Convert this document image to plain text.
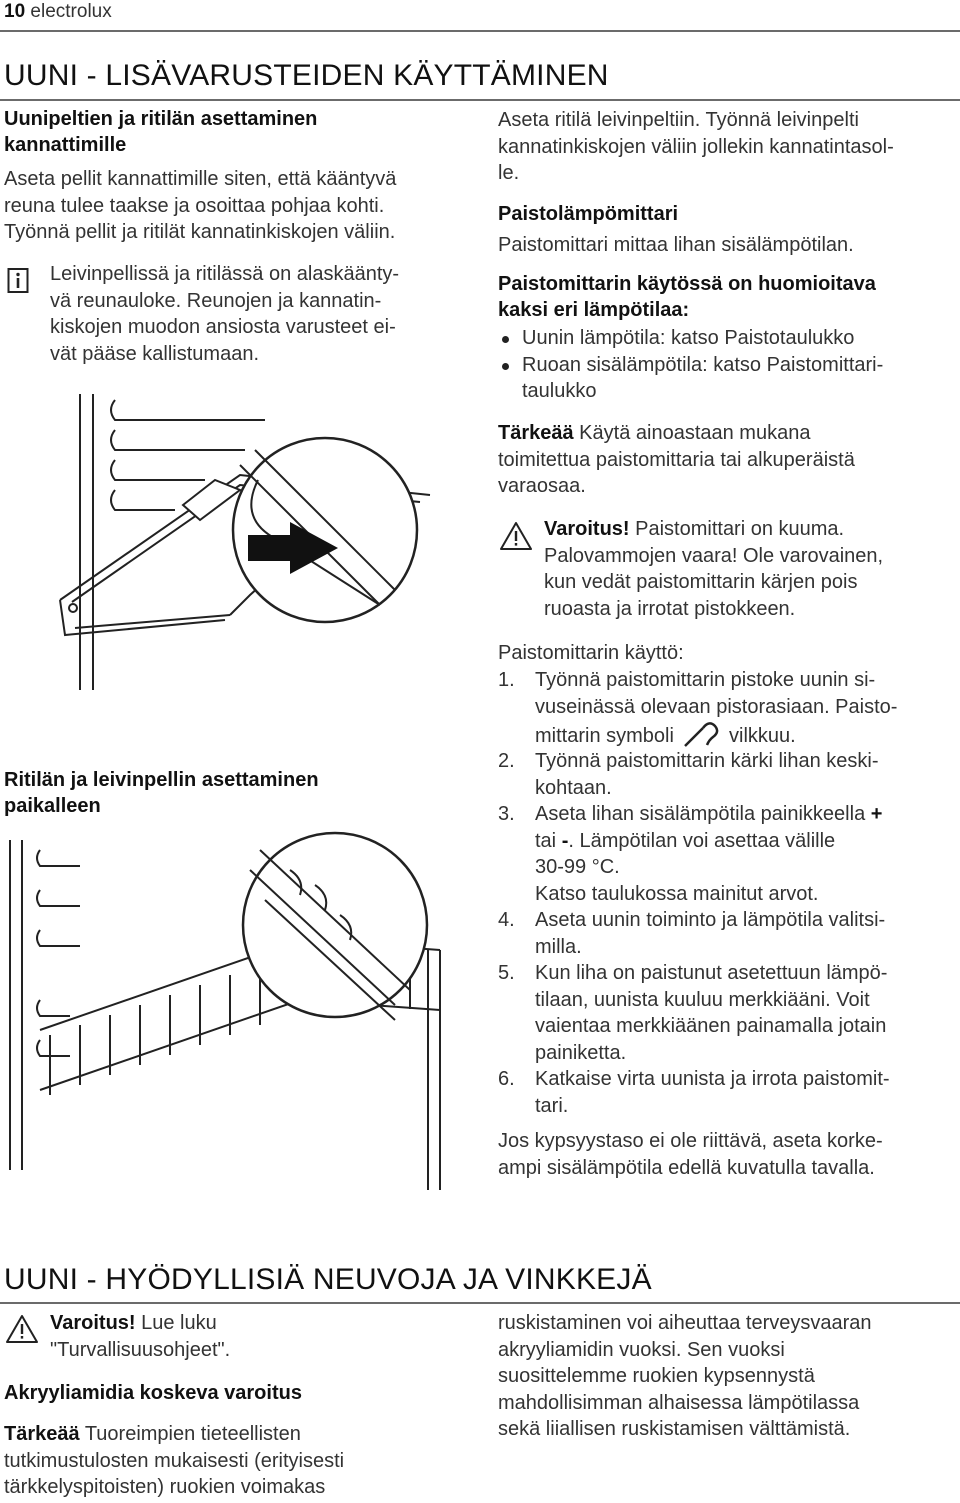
10 electrolux
UUNI - LISÄVARUSTEIDEN KÄYTTÄMINEN
Uunipeltien ja ritilän asettaminen
kannattimille
Aseta pellit kannattimille siten, että kääntyvä
reuna tulee taakse ja osoittaa pohjaa kohti.
Työnnä pellit ja ritilät kannatinkiskojen väliin.
Leivinpellissä ja ritilässä on alaskäänty-
vä reunauloke. Reunojen ja kannatin-
kiskojen muodon ansiosta varusteet ei-
vät pääse kallistumaan.
Ritilän ja leivinpellin asettaminen
paikalleen
Aseta ritilä leivinpeltiin. Työnnä leivinpelti
kannatinkiskojen väliin jollekin kannatintasol-
le.
Paistolämpömittari
Paistomittari mittaa lihan sisälämpötilan.
Paistomittarin käytössä on huomioitava
kaksi eri lämpötilaa:
Uunin lämpötila: katso Paistotaulukko
Ruoan sisälämpötila: katso Paistomittari-
taulukko
Tärkeää Käytä ainoastaan mukana
toimitettua paistomittaria tai alkuperäistä
varaosaa.
Varoitus! Paistomittari on kuuma.
Palovammojen vaara! Ole varovainen,
kun vedät paistomittarin kärjen pois
ruoasta ja irrotat pistokkeen.
Paistomittarin käyttö:
1. Työnnä paistomittarin pistoke uunin si-
vuseinässä olevaan pistorasiaan. Paisto-
mittarin symboli	vilkkuu.
2. Työnnä paistomittarin kärki lihan keski-
kohtaan.
3. Aseta lihan sisälämpötila painikkeella +
tai -. Lämpötilan voi asettaa välille
30-99 °C.
Katso taulukossa mainitut arvot.
4. Aseta uunin toiminto ja lämpötila valitsi-
milla.
5. Kun liha on paistunut asetettuun lämpö-
tilaan, uunista kuuluu merkkiääni. Voit
vaientaa merkkiäänen painamalla jotain
painiketta.
6. Katkaise virta uunista ja irrota paistomit-
tari.
Jos kypsyystaso ei ole riittävä, aseta korke-
ampi sisälämpötila edellä kuvatulla tavalla.
UUNI - HYÖDYLLISIÄ NEUVOJA JA VINKKEJÄ
Varoitus! Lue luku
"Turvallisuusohjeet".
Akryyliamidia koskeva varoitus
Tärkeää Tuoreimpien tieteellisten
tutkimustulosten mukaisesti (erityisesti
tärkkelyspitoisten) ruokien voimakas
ruskistaminen voi aiheuttaa terveysvaaran
akryyliamidin vuoksi. Sen vuoksi
suosittelemme ruokien kypsennystä
mahdollisimman alhaisessa lämpötilassa
sekä liiallisen ruskistamisen välttämistä.
